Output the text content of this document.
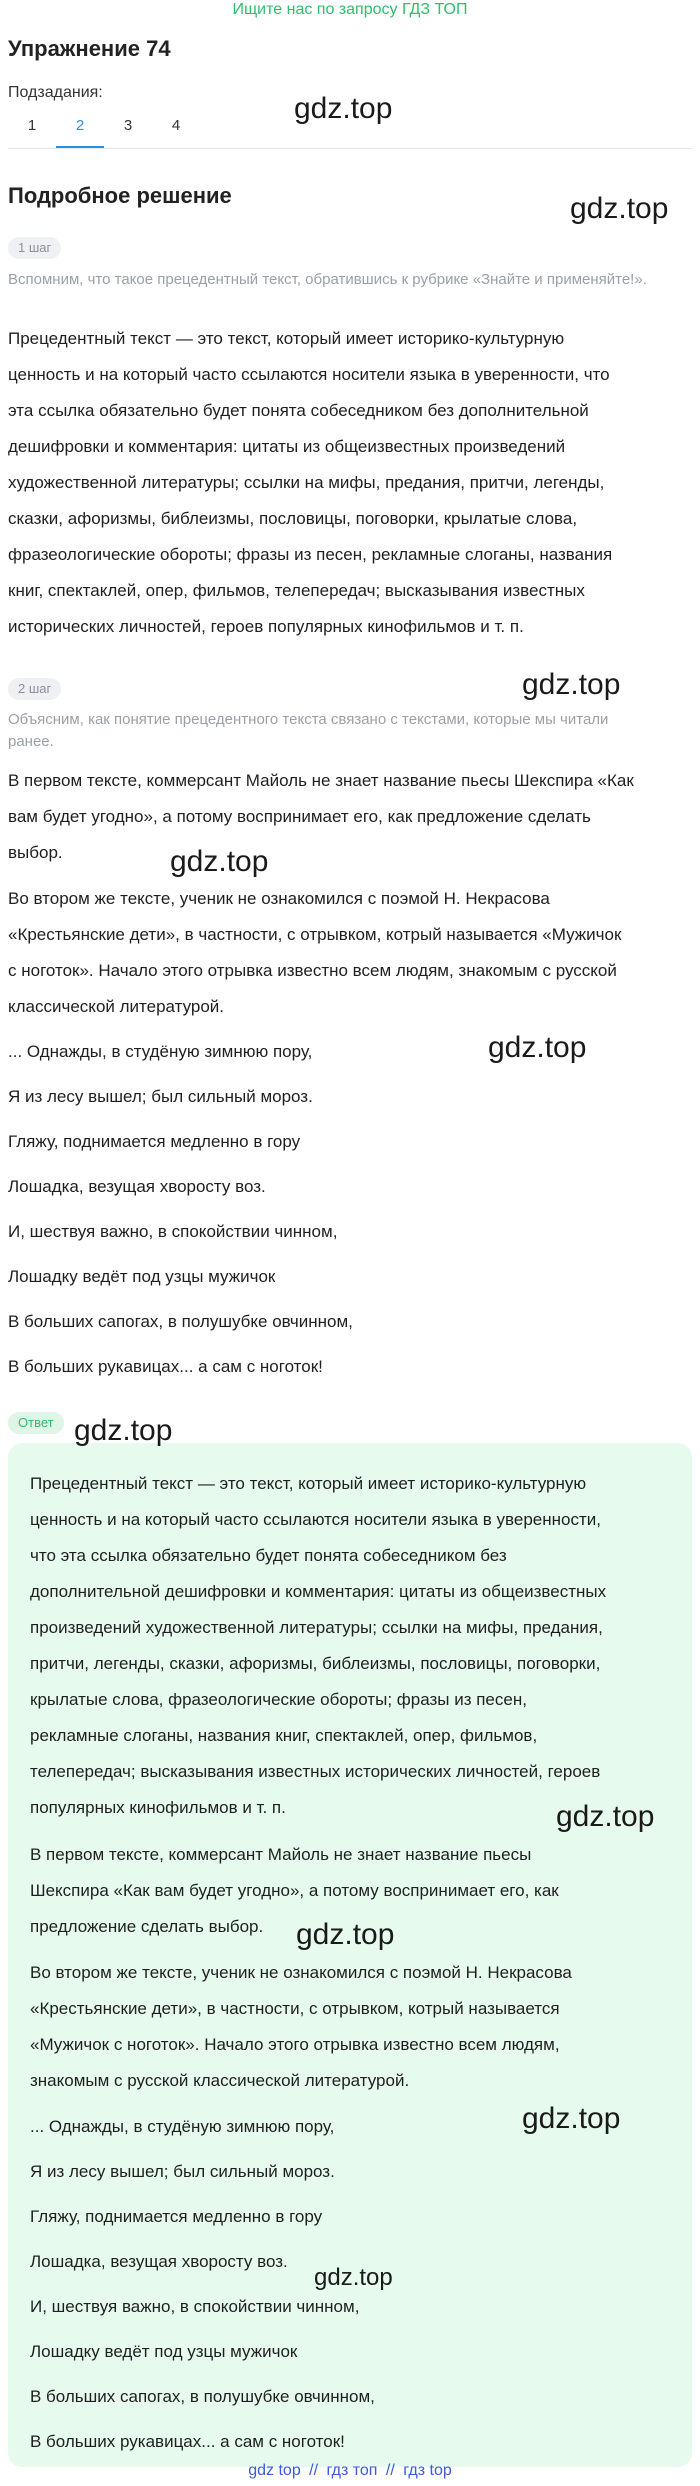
Ищите нас по запросу ГДЗ ТОП
Упражнение 74
Подзадания:
1	2	3	4
Подробное решение
1 шаг
Вспомним, что такое прецедентный текст, обратившись к рубрике «Знайте и применяйте!».
Прецедентный текст — это текст, который имеет историко-культурную
ценность и на который часто ссылаются носители языка в уверенности, что
эта ссылка обязательно будет понята собеседником без дополнительной
дешифровки и комментария: цитаты из общеизвестных произведений
художественной литературы; ссылки на мифы, предания, притчи, легенды,
сказки, афоризмы, библеизмы, пословицы, поговорки, крылатые слова,
фразеологические обороты; фразы из песен, рекламные слоганы, названия
книг, спектаклей, опер, фильмов, телепередач; высказывания известных
исторических личностей, героев популярных кинофильмов и т. п.
2 шаг
Объясним, как понятие прецедентного текста связано с текстами, которые мы читали
ранее.
В первом тексте, коммерсант Майоль не знает название пьесы Шекспира «Как
вам будет угодно», а потому воспринимает его, как предложение сделать
выбор.
Во втором же тексте, ученик не ознакомился с поэмой Н. Некрасова
«Крестьянские дети», в частности, с отрывком, котрый называется «Мужичок
с ноготок». Начало этого отрывка известно всем людям, знакомым с русской
классической литературой.
... Однажды, в студёную зимнюю пору,
Я из лесу вышел; был сильный мороз.
Гляжу, поднимается медленно в гору
Лошадка, везущая хворосту воз.
И, шествуя важно, в спокойствии чинном,
Лошадку ведёт под узцы мужичок
В больших сапогах, в полушубке овчинном,
В больших рукавицах... а сам с ноготок!
Ответ
Прецедентный текст — это текст, который имеет историко-культурную
ценность и на который часто ссылаются носители языка в уверенности,
что эта ссылка обязательно будет понята собеседником без
дополнительной дешифровки и комментария: цитаты из общеизвестных
произведений художественной литературы; ссылки на мифы, предания,
притчи, легенды, сказки, афоризмы, библеизмы, пословицы, поговорки,
крылатые слова, фразеологические обороты; фразы из песен,
рекламные слоганы, названия книг, спектаклей, опер, фильмов,
телепередач; высказывания известных исторических личностей, героев
популярных кинофильмов и т. п.
В первом тексте, коммерсант Майоль не знает название пьесы
Шекспира «Как вам будет угодно», а потому воспринимает его, как
предложение сделать выбор.
Во втором же тексте, ученик не ознакомился с поэмой Н. Некрасова
«Крестьянские дети», в частности, с отрывком, котрый называется
«Мужичок с ноготок». Начало этого отрывка известно всем людям,
знакомым с русской классической литературой.
... Однажды, в студёную зимнюю пору,
Я из лесу вышел; был сильный мороз.
Гляжу, поднимается медленно в гору
Лошадка, везущая хворосту воз.
И, шествуя важно, в спокойствии чинном,
Лошадку ведёт под узцы мужичок
В больших сапогах, в полушубке овчинном,
В больших рукавицах... а сам с ноготок!
gdz.top
gdz.top
gdz.top
gdz.top
gdz.top
gdz.top
gdz.top
gdz.top
gdz.top
gdz.top
gdz top // гдз топ // гдз top
